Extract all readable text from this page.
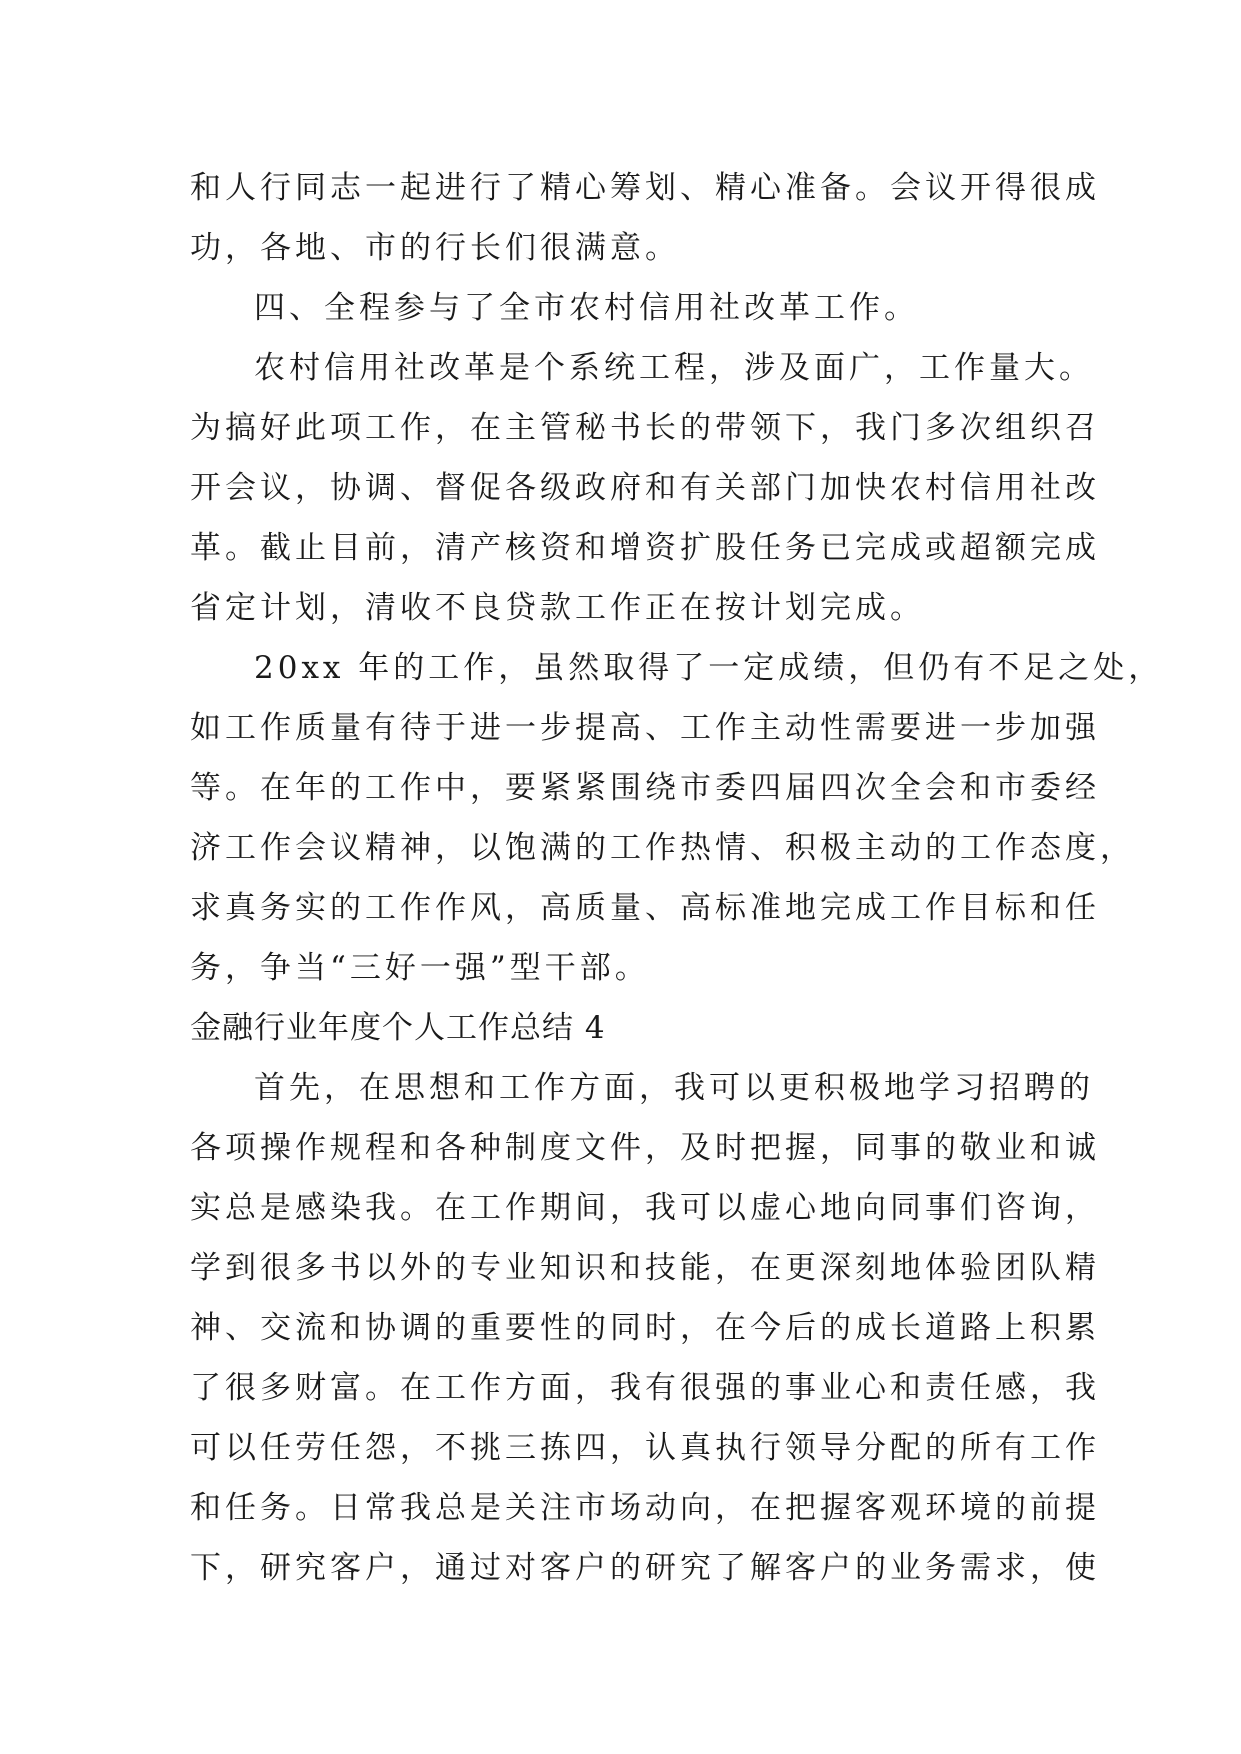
和人行同志一起进行了精心筹划、精心准备。会议开得很成
功，各地、市的行长们很满意。
四、全程参与了全市农村信用社改革工作。
农村信用社改革是个系统工程，涉及面广，工作量大。
为搞好此项工作，在主管秘书长的带领下，我门多次组织召
开会议，协调、督促各级政府和有关部门加快农村信用社改
革。截止目前，清产核资和增资扩股任务已完成或超额完成
省定计划，清收不良贷款工作正在按计划完成。
20xx 年的工作，虽然取得了一定成绩，但仍有不足之处，
如工作质量有待于进一步提高、工作主动性需要进一步加强
等。在年的工作中，要紧紧围绕市委四届四次全会和市委经
济工作会议精神，以饱满的工作热情、积极主动的工作态度，
求真务实的工作作风，高质量、高标准地完成工作目标和任
务，争当“三好一强”型干部。
金融行业年度个人工作总结 4
首先，在思想和工作方面，我可以更积极地学习招聘的
各项操作规程和各种制度文件，及时把握，同事的敬业和诚
实总是感染我。在工作期间，我可以虚心地向同事们咨询，
学到很多书以外的专业知识和技能，在更深刻地体验团队精
神、交流和协调的重要性的同时，在今后的成长道路上积累
了很多财富。在工作方面，我有很强的事业心和责任感，我
可以任劳任怨，不挑三拣四，认真执行领导分配的所有工作
和任务。日常我总是关注市场动向，在把握客观环境的前提
下，研究客户，通过对客户的研究了解客户的业务需求，使
